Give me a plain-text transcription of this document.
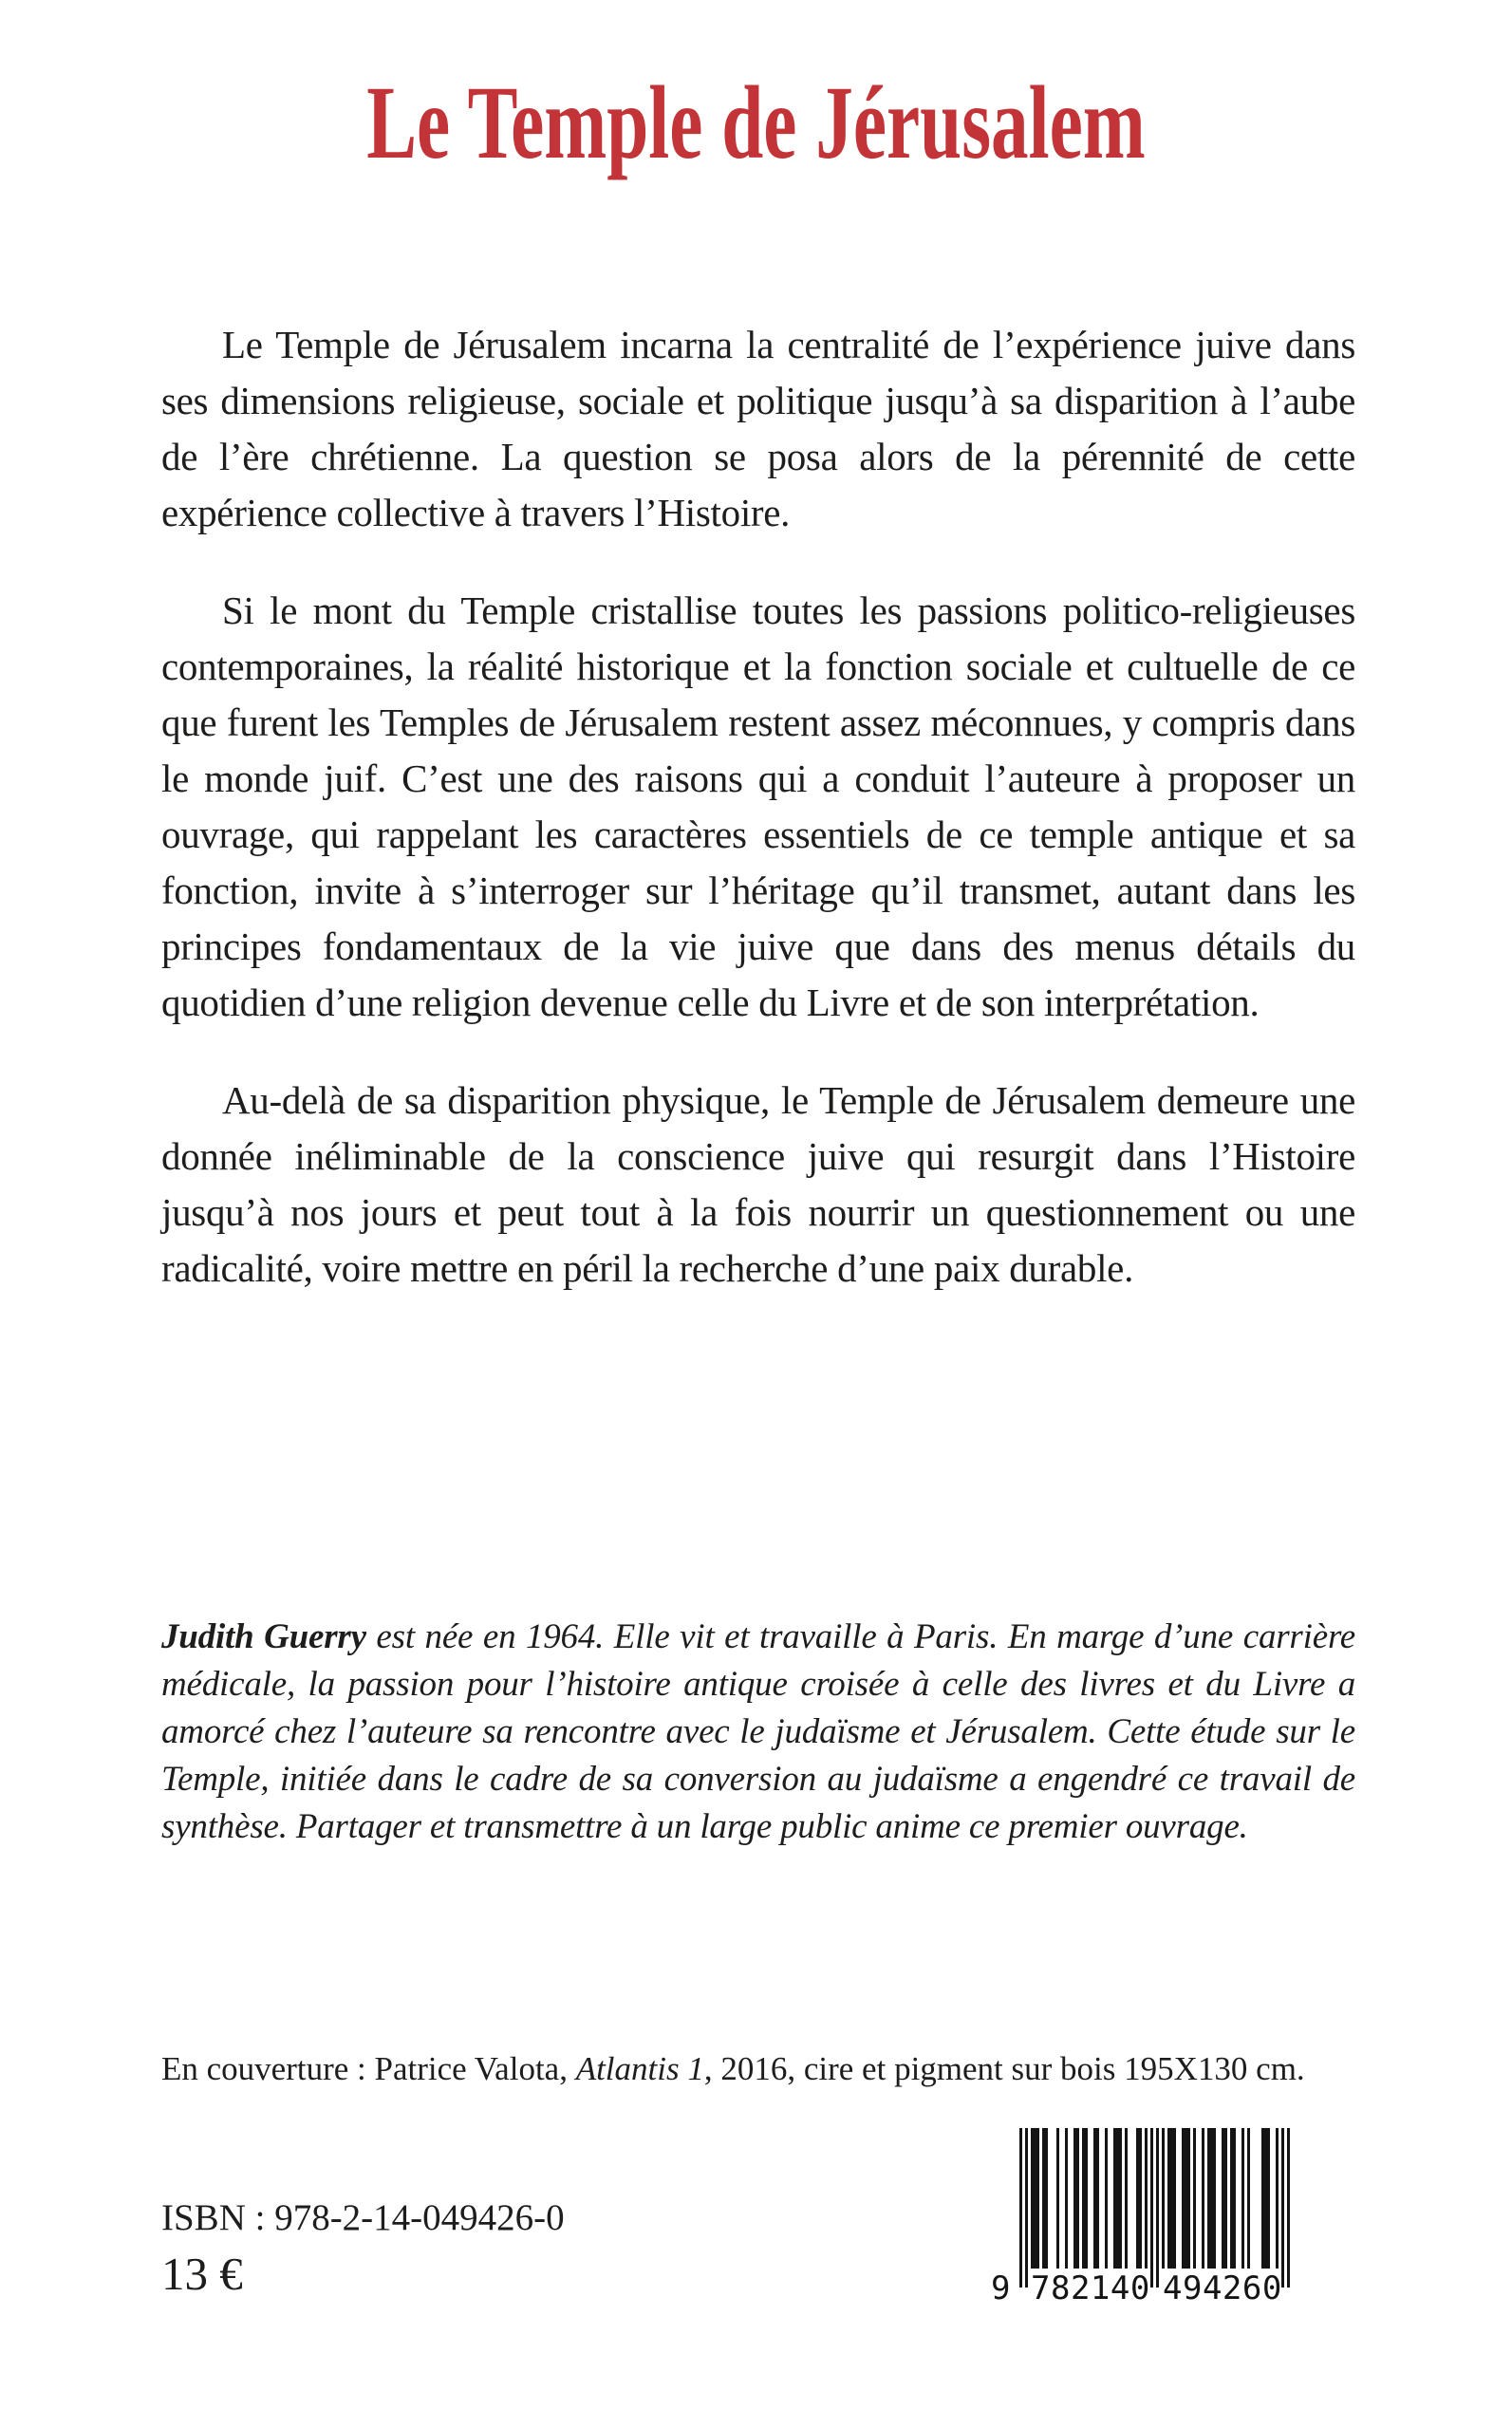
Le Temple de Jérusalem

Le Temple de Jérusalem incarna la centralité de l’expérience juive dans ses dimensions religieuse, sociale et politique jusqu’à sa disparition à l’aube de l’ère chrétienne. La question se posa alors de la pérennité de cette expérience collective à travers l’Histoire.

Si le mont du Temple cristallise toutes les passions politico-religieuses contemporaines, la réalité historique et la fonction sociale et cultuelle de ce que furent les Temples de Jérusalem restent assez méconnues, y compris dans le monde juif. C’est une des raisons qui a conduit l’auteure à proposer un ouvrage, qui rappelant les caractères essentiels de ce temple antique et sa fonction, invite à s’interroger sur l’héritage qu’il transmet, autant dans les principes fondamentaux de la vie juive que dans des menus détails du quotidien d’une religion devenue celle du Livre et de son interprétation.

Au-delà de sa disparition physique, le Temple de Jérusalem demeure une donnée inéliminable de la conscience juive qui resurgit dans l’Histoire jusqu’à nos jours et peut tout à la fois nourrir un questionnement ou une radicalité, voire mettre en péril la recherche d’une paix durable.

Judith Guerry est née en 1964. Elle vit et travaille à Paris. En marge d’une carrière médicale, la passion pour l’histoire antique croisée à celle des livres et du Livre a amorcé chez l’auteure sa rencontre avec le judaïsme et Jérusalem. Cette étude sur le Temple, initiée dans le cadre de sa conversion au judaïsme a engendré ce travail de synthèse. Partager et transmettre à un large public anime ce premier ouvrage.

En couverture : Patrice Valota, Atlantis 1, 2016, cire et pigment sur bois 195X130 cm.

ISBN : 978-2-14-049426-0

13 €	9 782140 494260
